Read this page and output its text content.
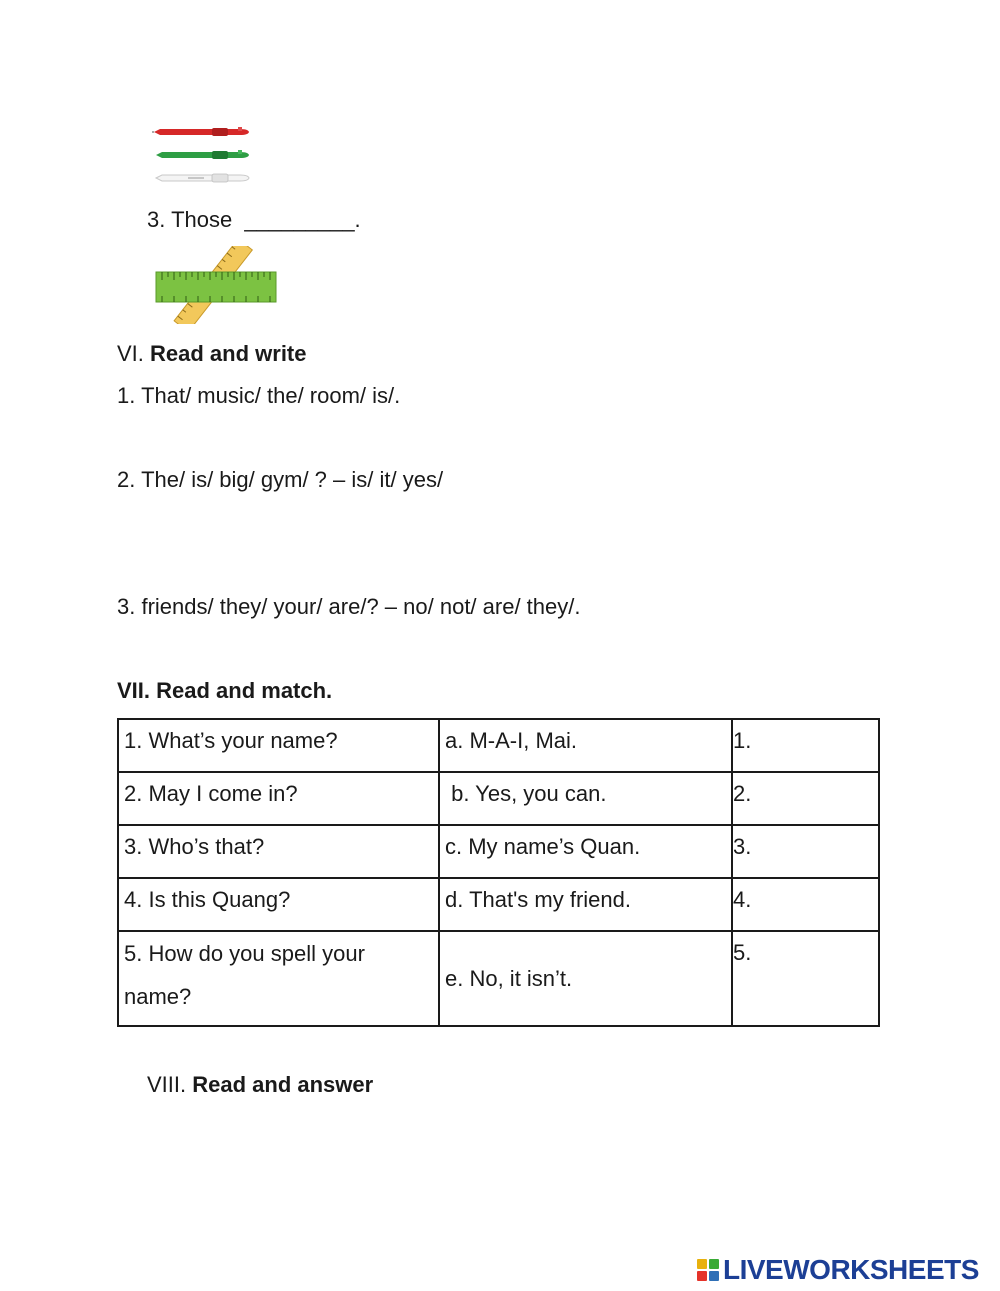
3. Those  _________.
VI. Read and write
1. That/ music/ the/ room/ is/.
2. The/ is/ big/ gym/ ? – is/ it/ yes/
3. friends/ they/ your/ are/? – no/ not/ are/ they/.
VII. Read and match.
1. What’s your name?	a. M-A-I, Mai.	1.
2. May I come in?	b. Yes, you can.	2.
3. Who’s that?	c. My name’s Quan.	3.
4. Is this Quang?	d. That's my friend.	4.

5. How do you spell your name?	e. No, it isn’t.	5.
VIII. Read and answer
LIVEWORKSHEETS
